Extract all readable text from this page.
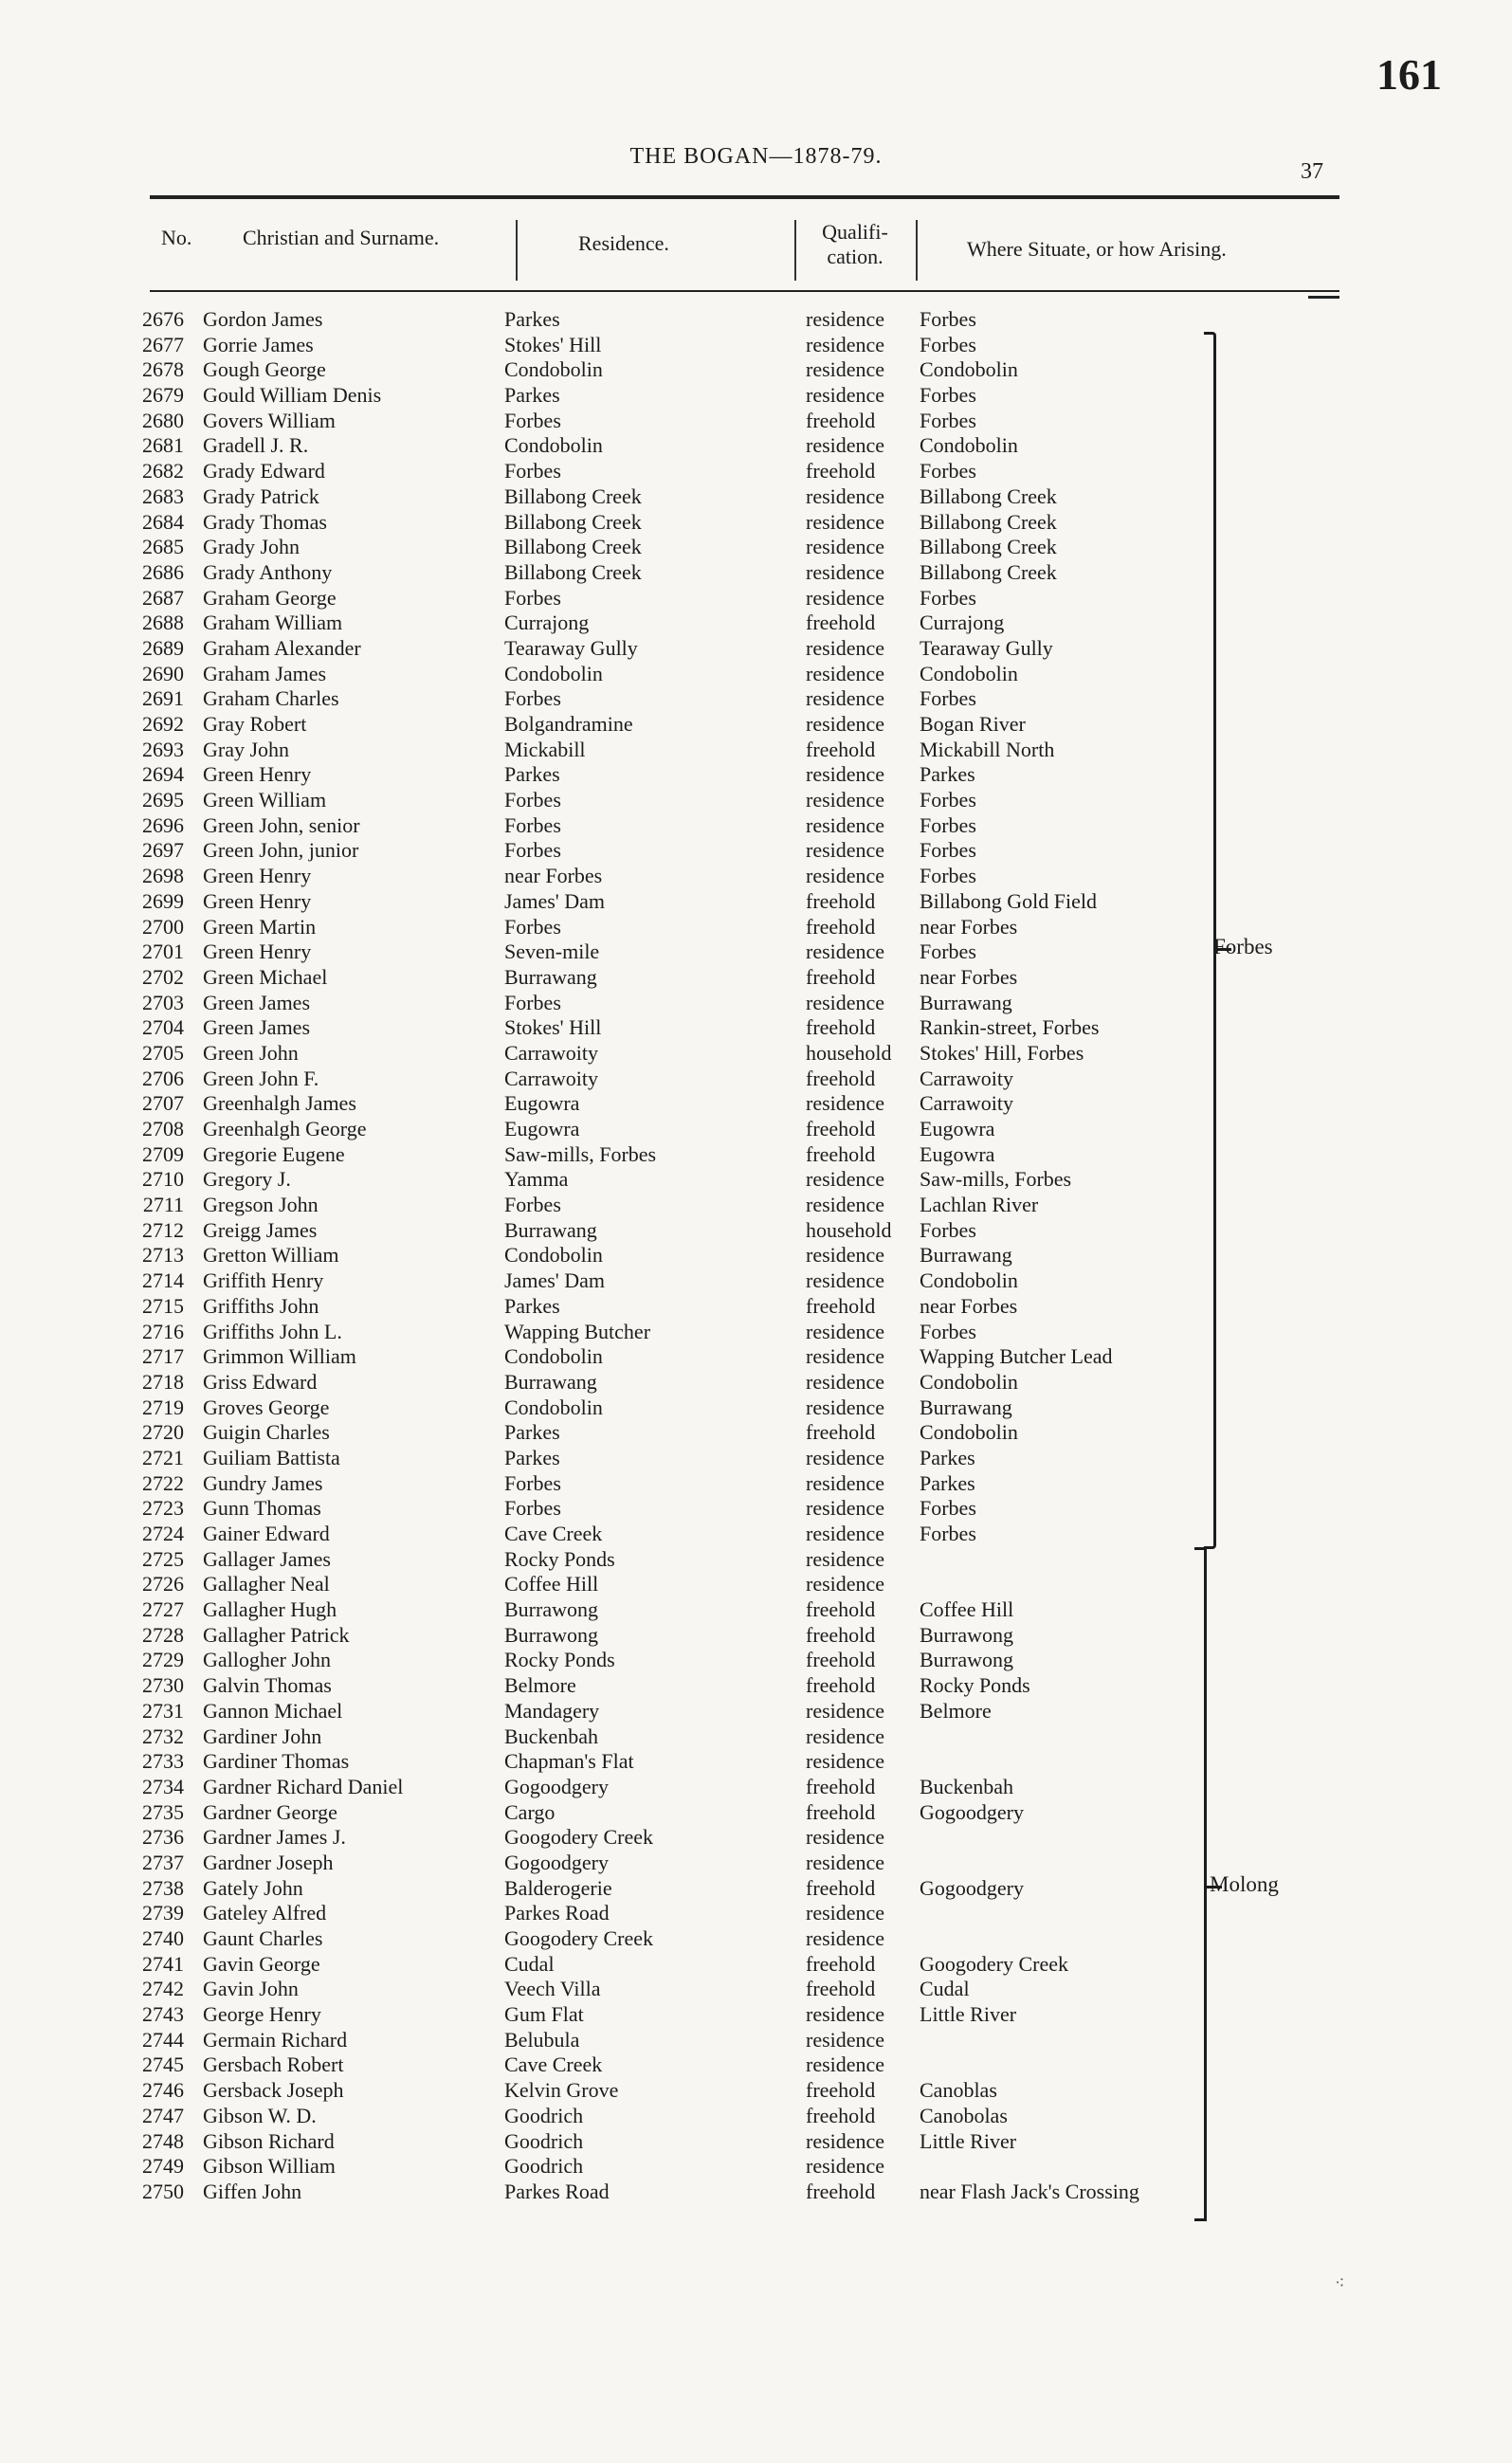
161
THE BOGAN—1878-79.
37
No. Christian and Surname.	Residence.	Qualifi-
cation.	Where Situate, or how Arising.
2676 Gordon James	Parkes	residence Forbes
2677 Gorrie James	Stokes' Hill	residence Forbes
2678 Gough George	Condobolin	residence Condobolin
2679 Gould William Denis	Parkes	residence Forbes
2680 Govers William	Forbes	freehold Forbes
2681 Gradell J. R.	Condobolin	residence Condobolin
2682 Grady Edward	Forbes	freehold Forbes
2683 Grady Patrick	Billabong Creek	residence Billabong Creek
2684 Grady Thomas	Billabong Creek	residence Billabong Creek
2685 Grady John	Billabong Creek	residence Billabong Creek
2686 Grady Anthony	Billabong Creek	residence Billabong Creek
2687 Graham George	Forbes	residence Forbes
2688 Graham William	Currajong	freehold Currajong
2689 Graham Alexander	Tearaway Gully	residence Tearaway Gully
2690 Graham James	Condobolin	residence Condobolin
2691 Graham Charles	Forbes	residence Forbes
2692 Gray Robert	Bolgandramine	residence Bogan River
2693 Gray John	Mickabill	freehold Mickabill North
2694 Green Henry	Parkes	residence Parkes
2695 Green William	Forbes	residence Forbes
2696 Green John, senior	Forbes	residence Forbes
2697 Green John, junior	Forbes	residence Forbes
2698 Green Henry	near Forbes	residence Forbes
2699 Green Henry	James' Dam	freehold Billabong Gold Field
2700 Green Martin	Forbes	freehold near Forbes
2701 Green Henry	Seven-mile	residence Forbes
2702 Green Michael	Burrawang	freehold near Forbes
2703 Green James	Forbes	residence Burrawang
2704 Green James	Stokes' Hill	freehold Rankin-street, Forbes
2705 Green John	Carrawoity	household Stokes' Hill, Forbes
2706 Green John F.	Carrawoity	freehold Carrawoity
2707 Greenhalgh James	Eugowra	residence Carrawoity
2708 Greenhalgh George	Eugowra	freehold Eugowra
2709 Gregorie Eugene	Saw-mills, Forbes	freehold Eugowra
2710 Gregory J.	Yamma	residence Saw-mills, Forbes
2711 Gregson John	Forbes	residence Lachlan River
2712 Greigg James	Burrawang	household Forbes
2713 Gretton William	Condobolin	residence Burrawang
2714 Griffith Henry	James' Dam	residence Condobolin
2715 Griffiths John	Parkes	freehold near Forbes
2716 Griffiths John L.	Wapping Butcher	residence Forbes
2717 Grimmon William	Condobolin	residence Wapping Butcher Lead
2718 Griss Edward	Burrawang	residence Condobolin
2719 Groves George	Condobolin	residence Burrawang
2720 Guigin Charles	Parkes	freehold Condobolin
2721 Guiliam Battista	Parkes	residence Parkes
2722 Gundry James	Forbes	residence Parkes
2723 Gunn Thomas	Forbes	residence Forbes
2724 Gainer Edward	Cave Creek	residence Forbes
2725 Gallager James	Rocky Ponds	residence
2726 Gallagher Neal	Coffee Hill	residence
2727 Gallagher Hugh	Burrawong	freehold Coffee Hill
2728 Gallagher Patrick	Burrawong	freehold Burrawong
2729 Gallogher John	Rocky Ponds	freehold Burrawong
2730 Galvin Thomas	Belmore	freehold Rocky Ponds
2731 Gannon Michael	Mandagery	residence Belmore
2732 Gardiner John	Buckenbah	residence
2733 Gardiner Thomas	Chapman's Flat	residence
2734 Gardner Richard Daniel	Gogoodgery	freehold Buckenbah
2735 Gardner George	Cargo	freehold Gogoodgery
2736 Gardner James J.	Googodery Creek	residence
2737 Gardner Joseph	Gogoodgery	residence
2738 Gately John	Balderogerie	freehold Gogoodgery
2739 Gateley Alfred	Parkes Road	residence
2740 Gaunt Charles	Googodery Creek	residence
2741 Gavin George	Cudal	freehold Googodery Creek
2742 Gavin John	Veech Villa	freehold Cudal
2743 George Henry	Gum Flat	residence Little River
2744 Germain Richard	Belubula	residence
2745 Gersbach Robert	Cave Creek	residence
2746 Gersback Joseph	Kelvin Grove	freehold Canoblas
2747 Gibson W. D.	Goodrich	freehold Canobolas
2748 Gibson Richard	Goodrich	residence Little River
2749 Gibson William	Goodrich	residence
2750 Giffen John	Parkes Road	freehold near Flash Jack's Crossing
Forbes
Molong
⁖
